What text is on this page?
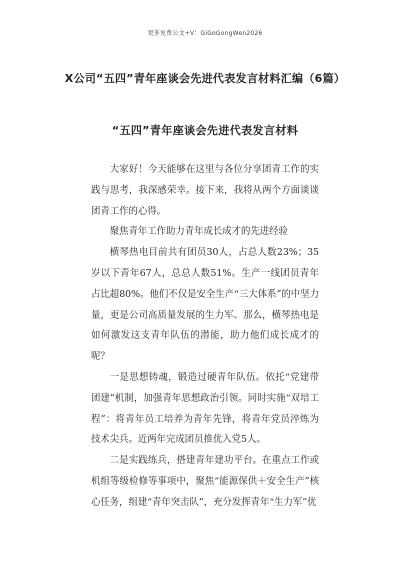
更多免费公文+V：GiGoGongWen2026
X公司“五四”青年座谈会先进代表发言材料汇编（6篇）
“五四”青年座谈会先进代表发言材料

大家好！今天能够在这里与各位分享团青工作的实践与思考，我深感荣幸。接下来，我将从两个方面谈谈团青工作的心得。

聚焦青年工作助力青年成长成才的先进经验

横琴热电目前共有团员30人，占总人数23%；35岁以下青年67人，总总人数51%。生产一线团员青年占比超80%。他们不仅是安全生产“三大体系”的中坚力量，更是公司高质量发展的生力军。那么，横琴热电是如何激发这支青年队伍的潜能，助力他们成长成才的呢？

一是思想铸魂，锻造过硬青年队伍。依托“党建带团建”机制，加强青年思想政治引领。同时实施“双培工程”：将青年员工培养为青年先锋，将青年党员淬炼为技术尖兵。近两年完成团员推优入党5人。

二是实践练兵，搭建青年建功平台。在重点工作或机组等级检修等事项中，聚焦“能源保供＋安全生产”核心任务，组建“青年突击队”，充分发挥青年“生力军”优
